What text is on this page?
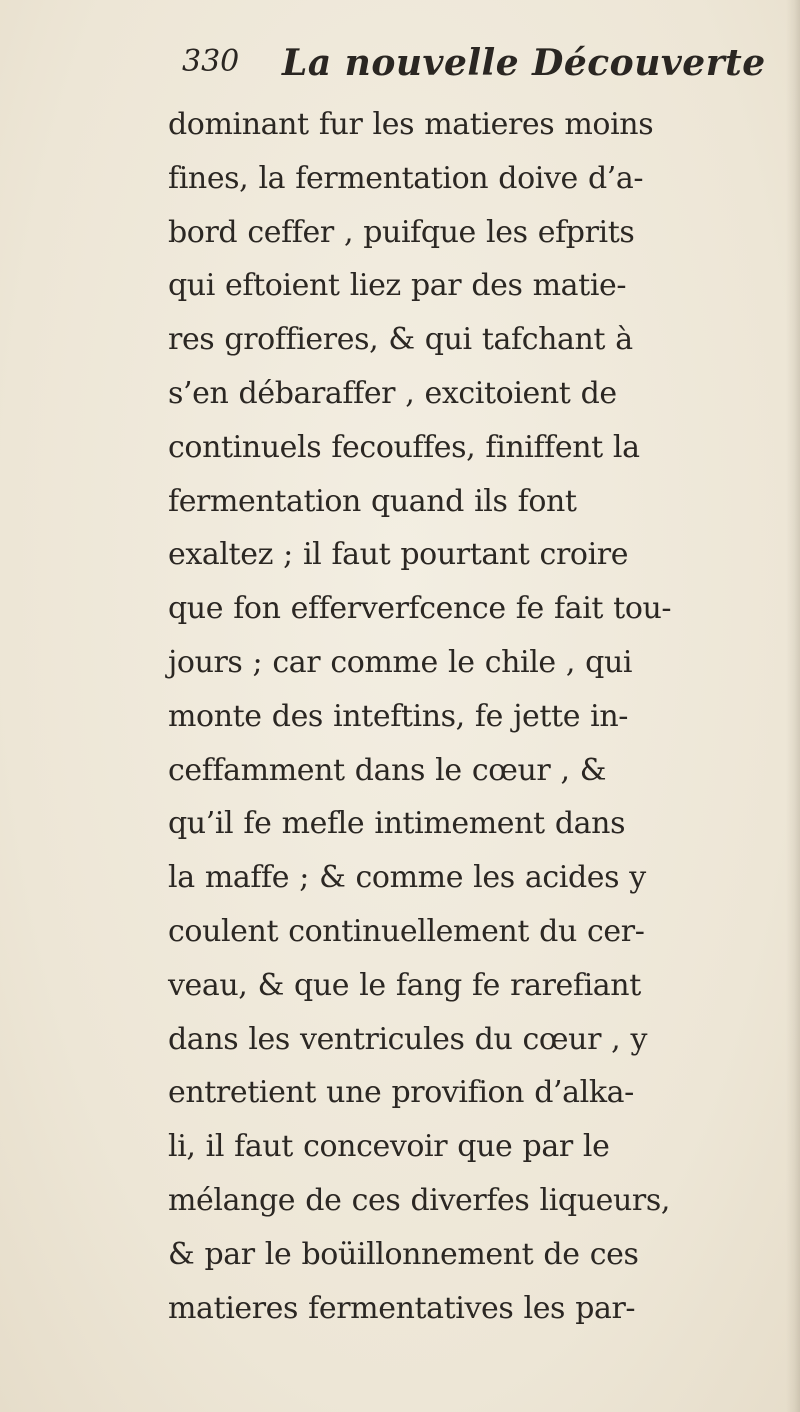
330 La nouvelle Découverte
dominant fur les matieres moins
fines, la fermentation doive d’a-
bord ceffer , puifque les efprits
qui eftoient liez par des matie-
res groffieres, & qui tafchant à
s’en débaraffer , excitoient de
continuels fecouffes, finiffent la
fermentation quand ils font
exaltez ; il faut pourtant croire
que fon efferverfcence fe fait tou-
jours ; car comme le chile , qui
monte des inteftins, fe jette in-
ceffamment dans le cœur , &
qu’il fe mefle intimement dans
la maffe ; & comme les acides y
coulent continuellement du cer-
veau, & que le fang fe rarefiant
dans les ventricules du cœur , y
entretient une provifion d’alka-
li, il faut concevoir que par le
mélange de ces diverfes liqueurs,
& par le boüillonnement de ces
matieres fermentatives les par-
